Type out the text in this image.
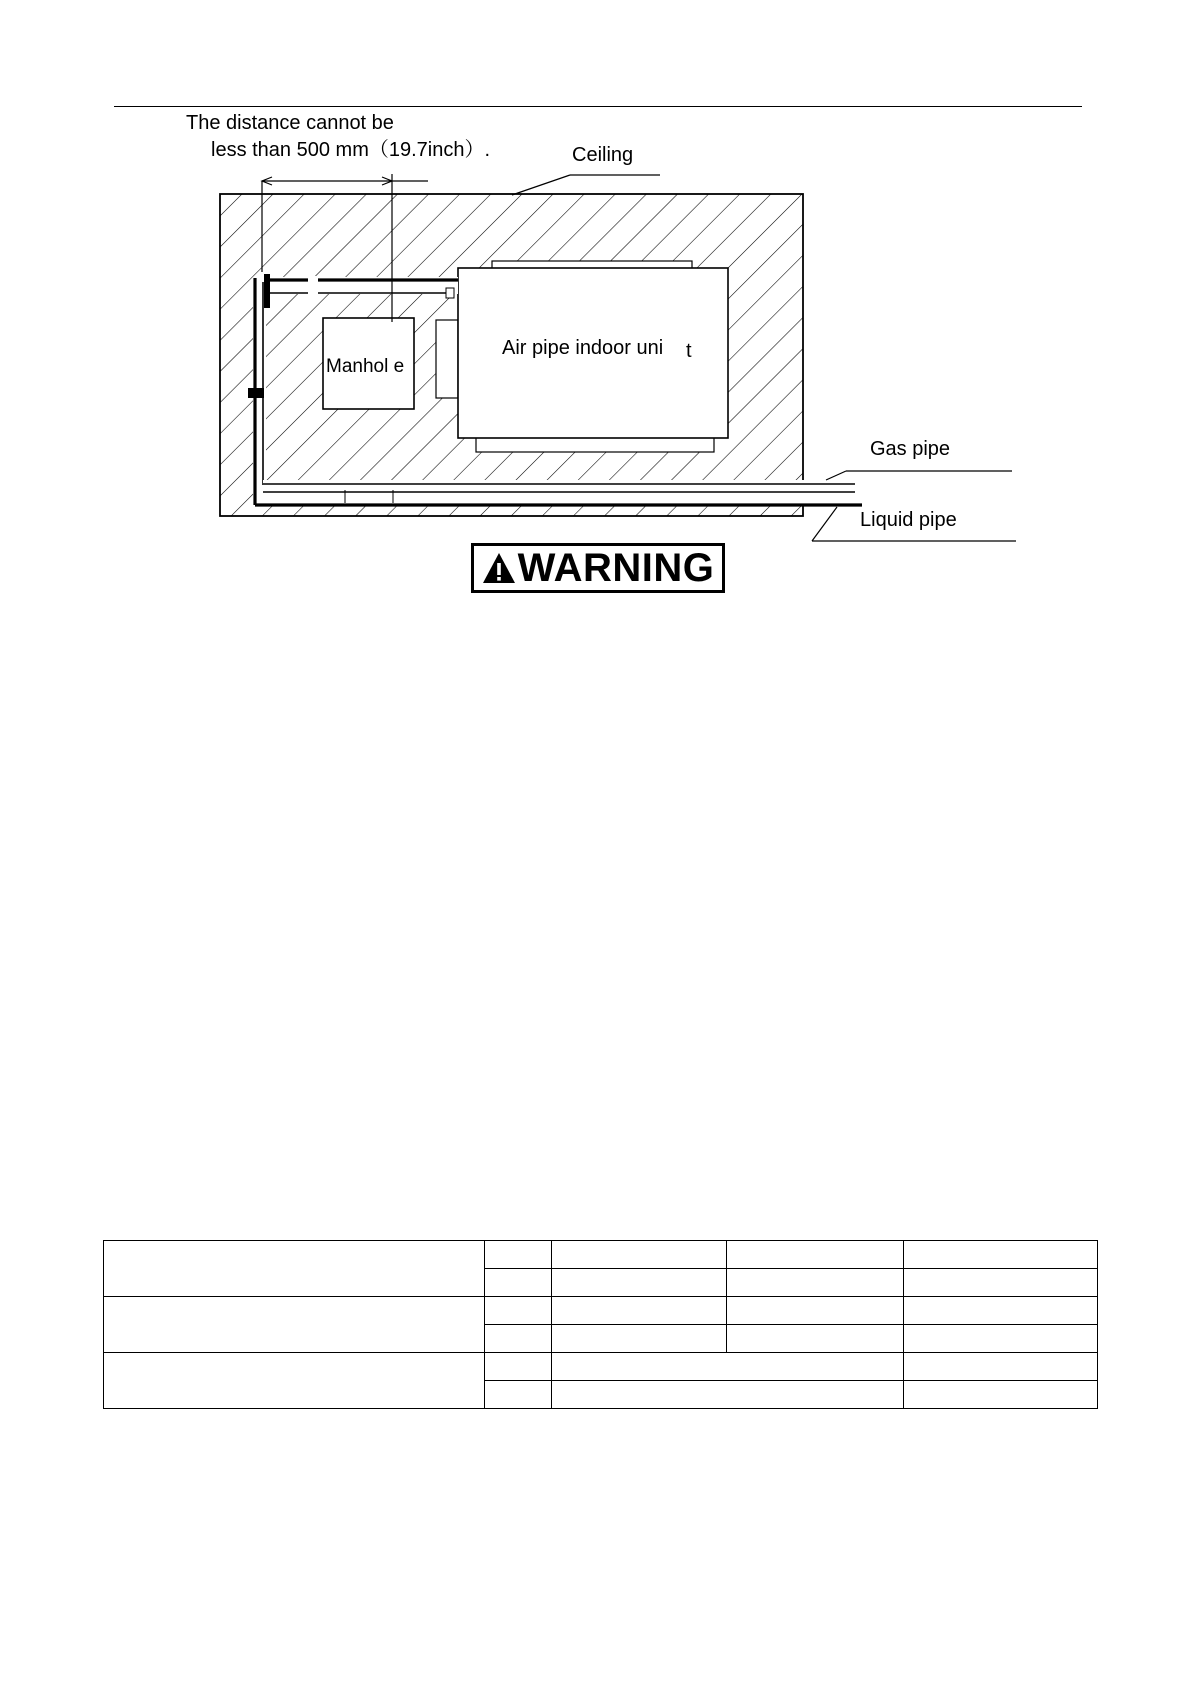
The distance cannot be
less than 500 mm（19.7inch）.	Ceiling
Manhol e
Air pipe indoor uni t
Gas pipe
Liquid pipe
WARNING
